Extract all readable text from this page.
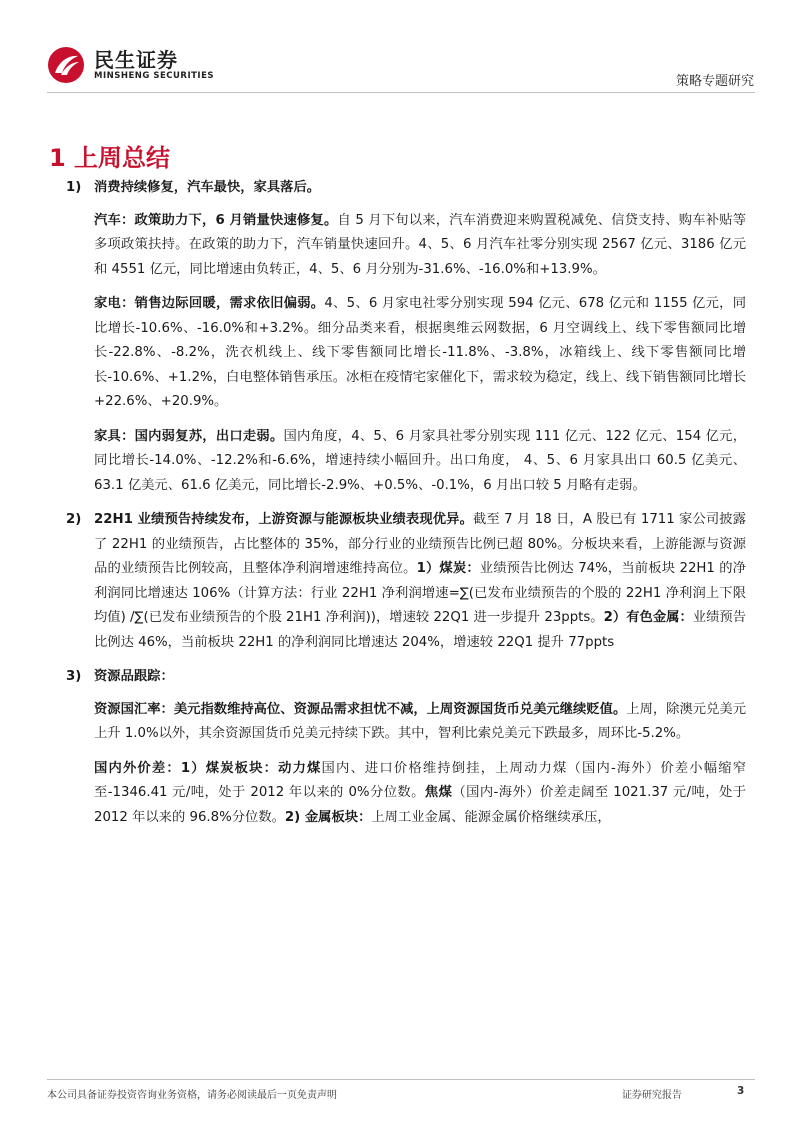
民生证券
MINSHENG SECURITIES	策略专题研究
1 上周总结

1) 消费持续修复，汽车最快，家具落后。

汽车：政策助力下，6 月销量快速修复。自 5 月下旬以来，汽车消费迎来购置税减免、信贷支持、购车补贴等多项政策扶持。在政策的助力下，汽车销量快速回升。4、5、6 月汽车社零分别实现 2567 亿元、3186 亿元和 4551 亿元，同比增速由负转正，4、5、6 月分别为-31.6%、-16.0%和+13.9%。

家电：销售边际回暖，需求依旧偏弱。4、5、6 月家电社零分别实现 594 亿元、678 亿元和 1155 亿元，同比增长-10.6%、-16.0%和+3.2%。细分品类来看，根据奥维云网数据，6 月空调线上、线下零售额同比增长-22.8%、-8.2%，洗衣机线上、线下零售额同比增长-11.8%、-3.8%，冰箱线上、线下零售额同比增长-10.6%、+1.2%，白电整体销售承压。冰柜在疫情宅家催化下，需求较为稳定，线上、线下销售额同比增长+22.6%、+20.9%。

家具：国内弱复苏，出口走弱。国内角度，4、5、6 月家具社零分别实现 111 亿元、122 亿元、154 亿元，同比增长-14.0%、-12.2%和-6.6%，增速持续小幅回升。出口角度， 4、5、6 月家具出口 60.5 亿美元、63.1 亿美元、61.6 亿美元，同比增长-2.9%、+0.5%、-0.1%，6 月出口较 5 月略有走弱。

2) 22H1 业绩预告持续发布，上游资源与能源板块业绩表现优异。截至 7 月 18 日，A 股已有 1711 家公司披露了 22H1 的业绩预告，占比整体的 35%，部分行业的业绩预告比例已超 80%。分板块来看，上游能源与资源品的业绩预告比例较高，且整体净利润增速维持高位。1）煤炭：业绩预告比例达 74%，当前板块 22H1 的净利润同比增速达 106%（计算方法：行业 22H1 净利润增速=∑(已发布业绩预告的个股的 22H1 净利润上下限均值) /∑(已发布业绩预告的个股 21H1 净利润))，增速较 22Q1 进一步提升 23ppts。2）有色金属：业绩预告比例达 46%，当前板块 22H1 的净利润同比增速达 204%，增速较 22Q1 提升 77ppts

3) 资源品跟踪：

资源国汇率：美元指数维持高位、资源品需求担忧不减，上周资源国货币兑美元继续贬值。上周，除澳元兑美元上升 1.0%以外，其余资源国货币兑美元持续下跌。其中，智利比索兑美元下跌最多，周环比-5.2%。

国内外价差：1）煤炭板块：动力煤国内、进口价格维持倒挂，上周动力煤（国内-海外）价差小幅缩窄至-1346.41 元/吨，处于 2012 年以来的 0%分位数。焦煤（国内-海外）价差走阔至 1021.37 元/吨，处于 2012 年以来的 96.8%分位数。2) 金属板块：上周工业金属、能源金属价格继续承压，

本公司具备证券投资咨询业务资格，请务必阅读最后一页免责声明	证券研究报告	3
